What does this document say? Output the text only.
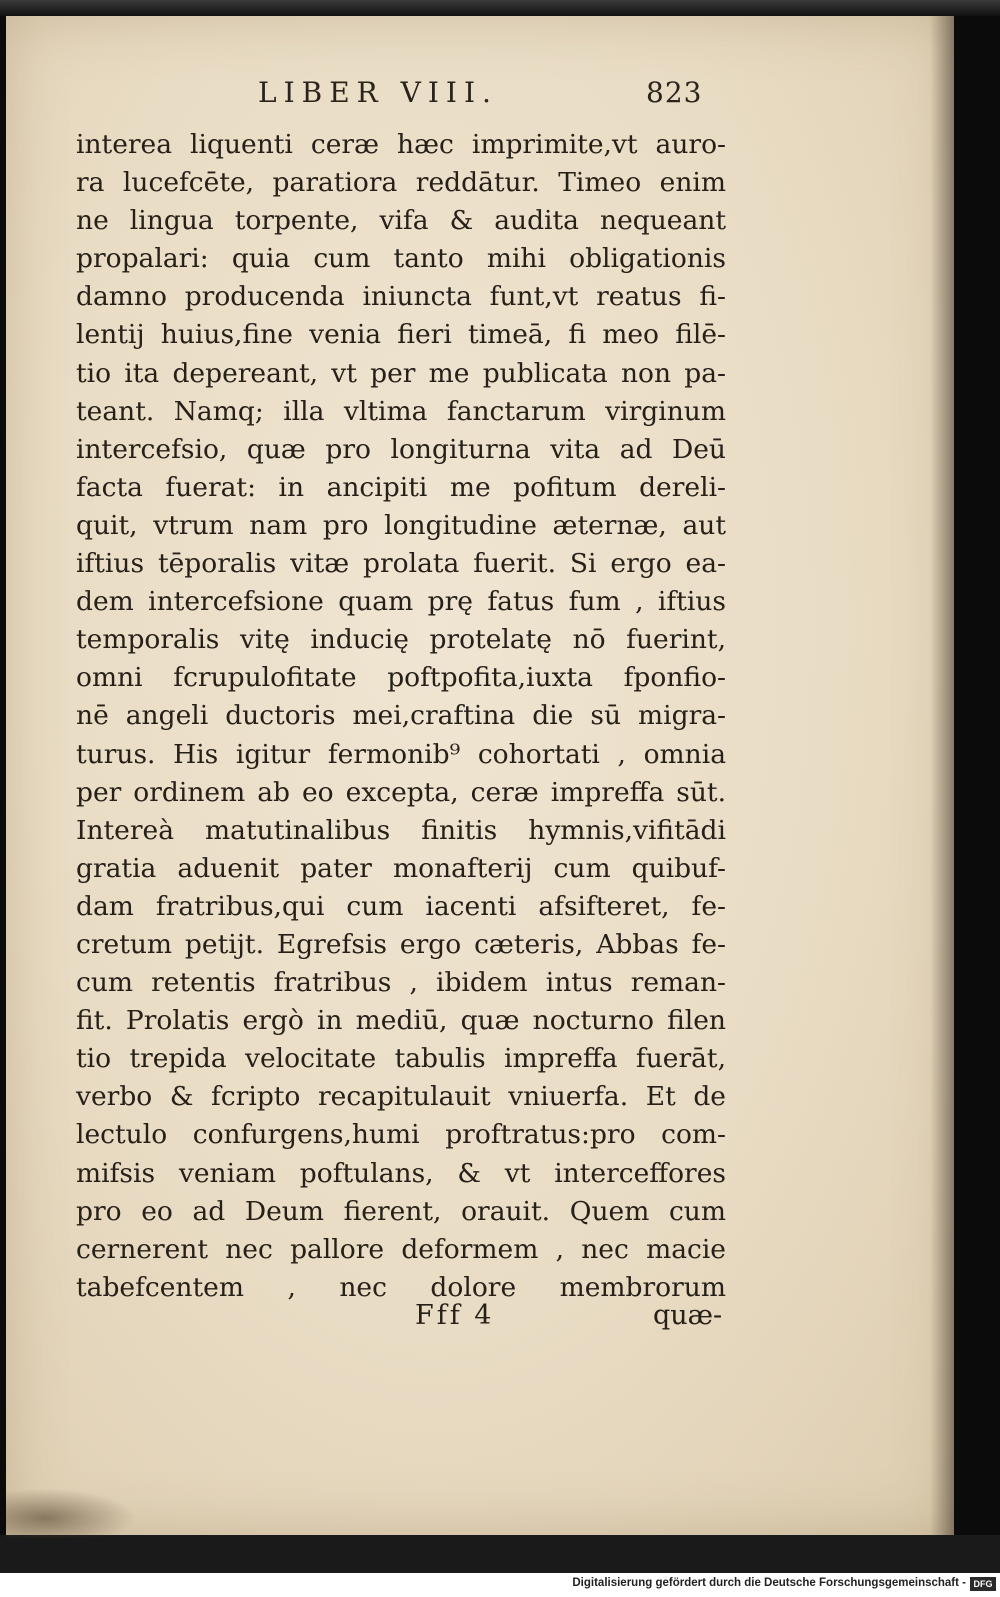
LIBER VIII.	823
interea liquenti ceræ hæc imprimite,vt auro-
ra lucefcēte, paratiora reddātur. Timeo enim
ne lingua torpente, vifa & audita nequeant
propalari: quia cum tanto mihi obligationis
damno producenda iniuncta funt,vt reatus fi-
lentij huius,fine venia fieri timeā, fi meo filē-
tio ita depereant, vt per me publicata non pa-
teant. Namq; illa vltima fanctarum virginum
intercefsio, quæ pro longiturna vita ad Deū
facta fuerat: in ancipiti me pofitum dereli-
quit, vtrum nam pro longitudine æternæ, aut
iftius tēporalis vitæ prolata fuerit. Si ergo ea-
dem intercefsione quam prę fatus fum , iftius
temporalis vitę inducię protelatę nō fuerint,
omni fcrupulofitate poftpofita,iuxta fponfio-
nē angeli ductoris mei,craftina die sū migra-
turus. His igitur fermonib⁹ cohortati , omnia
per ordinem ab eo excepta, ceræ impreffa sūt.
Intereà matutinalibus finitis hymnis,vifitādi
gratia aduenit pater monafterij cum quibuf-
dam fratribus,qui cum iacenti afsifteret, fe-
cretum petijt. Egrefsis ergo cæteris, Abbas fe-
cum retentis fratribus , ibidem intus reman-
fit. Prolatis ergò in mediū, quæ nocturno filen
tio trepida velocitate tabulis impreffa fuerāt,
verbo & fcripto recapitulauit vniuerfa. Et de
lectulo confurgens,humi proftratus:pro com-
mifsis veniam poftulans, & vt interceffores
pro eo ad Deum fierent, orauit. Quem cum
cernerent nec pallore deformem , nec macie
tabefcentem , nec dolore membrorum
Fff 4	quæ-
Digitalisierung gefördert durch die Deutsche Forschungsgemeinschaft - DFG
